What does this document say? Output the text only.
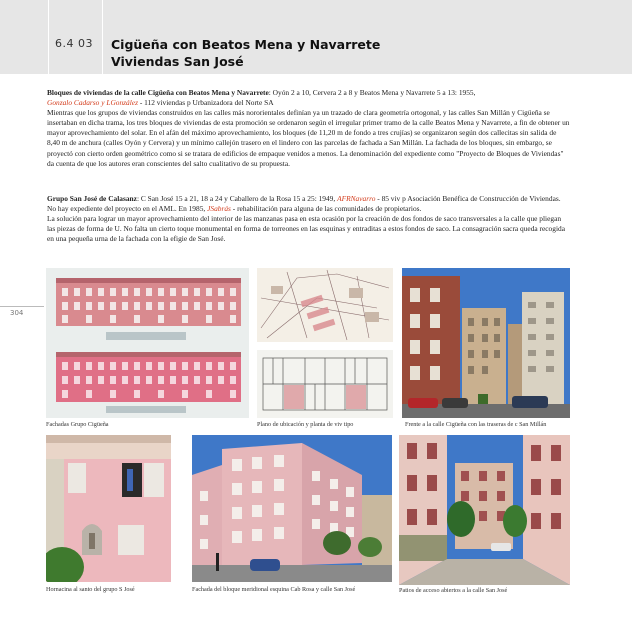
6.4 03 Cigüeña con Beatos Mena y Navarrete
Viviendas San José
304
Bloques de viviendas de la calle Cigüeña con Beatos Mena y Navarrete: Oyón 2 a 10, Cervera 2 a 8 y Beatos Mena y Navarrete 5 a 13: 1955,
Gonzalo Cadarso y LGonzález - 112 viviendas p Urbanizadora del Norte SA
Mientras que los grupos de viviendas construidos en las calles más nororientales definían ya un trazado de clara geometría ortogonal, y las calles San Millán y Cigüeña se insertaban en dicha trama, los tres bloques de viviendas de esta promoción se ordenaron según el irregular primer tramo de la calle Beatos Mena y Navarrete, a fin de obtener un mayor aprovechamiento del solar. En el afán del máximo aprovechamiento, los bloques (de 11,20 m de fondo a tres crujías) se organizaron según dos callecitas sin salida de 8,40 m de anchura (calles Oyón y Cervera) y un mínimo callejón trasero en el lindero con las parcelas de fachada a San Millán. La fachada de los bloques, sin embargo, se proyectó con cierto orden geométrico como si se tratara de edificios de empaque venidos a menos. La denominación del expediente como "Proyecto de Bloques de Viviendas" da cuenta de que los autores eran conscientes del salto cualitativo de su propuesta.
Grupo San José de Calasanz: C San José 15 a 21, 18 a 24 y Caballero de la Rosa 15 a 25: 1949, AFRNavarro - 85 viv p Asociación Benéfica de Construcción de Viviendas. No hay expediente del proyecto en el AML. En 1985, JSabrás - rehabilitación para alguna de las comunidades de propietarios.
La solución para lograr un mayor aprovechamiento del interior de las manzanas pasa en esta ocasión por la creación de dos fondos de saco transversales a la calle que pliegan las piezas de forma de U. No falta un cierto toque monumental en forma de torreones en las esquinas y entraditas a estos fondos de saco. La consagración sacra queda recogida en una pequeña urna de la fachada con la efigie de San José.
Fachadas Grupo Cigüeña	Plano de ubicación y planta de viv tipo	Frente a la calle Cigüeña con las traseras de c San Millán
Hornacina al santo del grupo S José	Fachada del bloque meridional esquina Cab Rosa y calle San José	Patios de acceso abiertos a la calle San José
